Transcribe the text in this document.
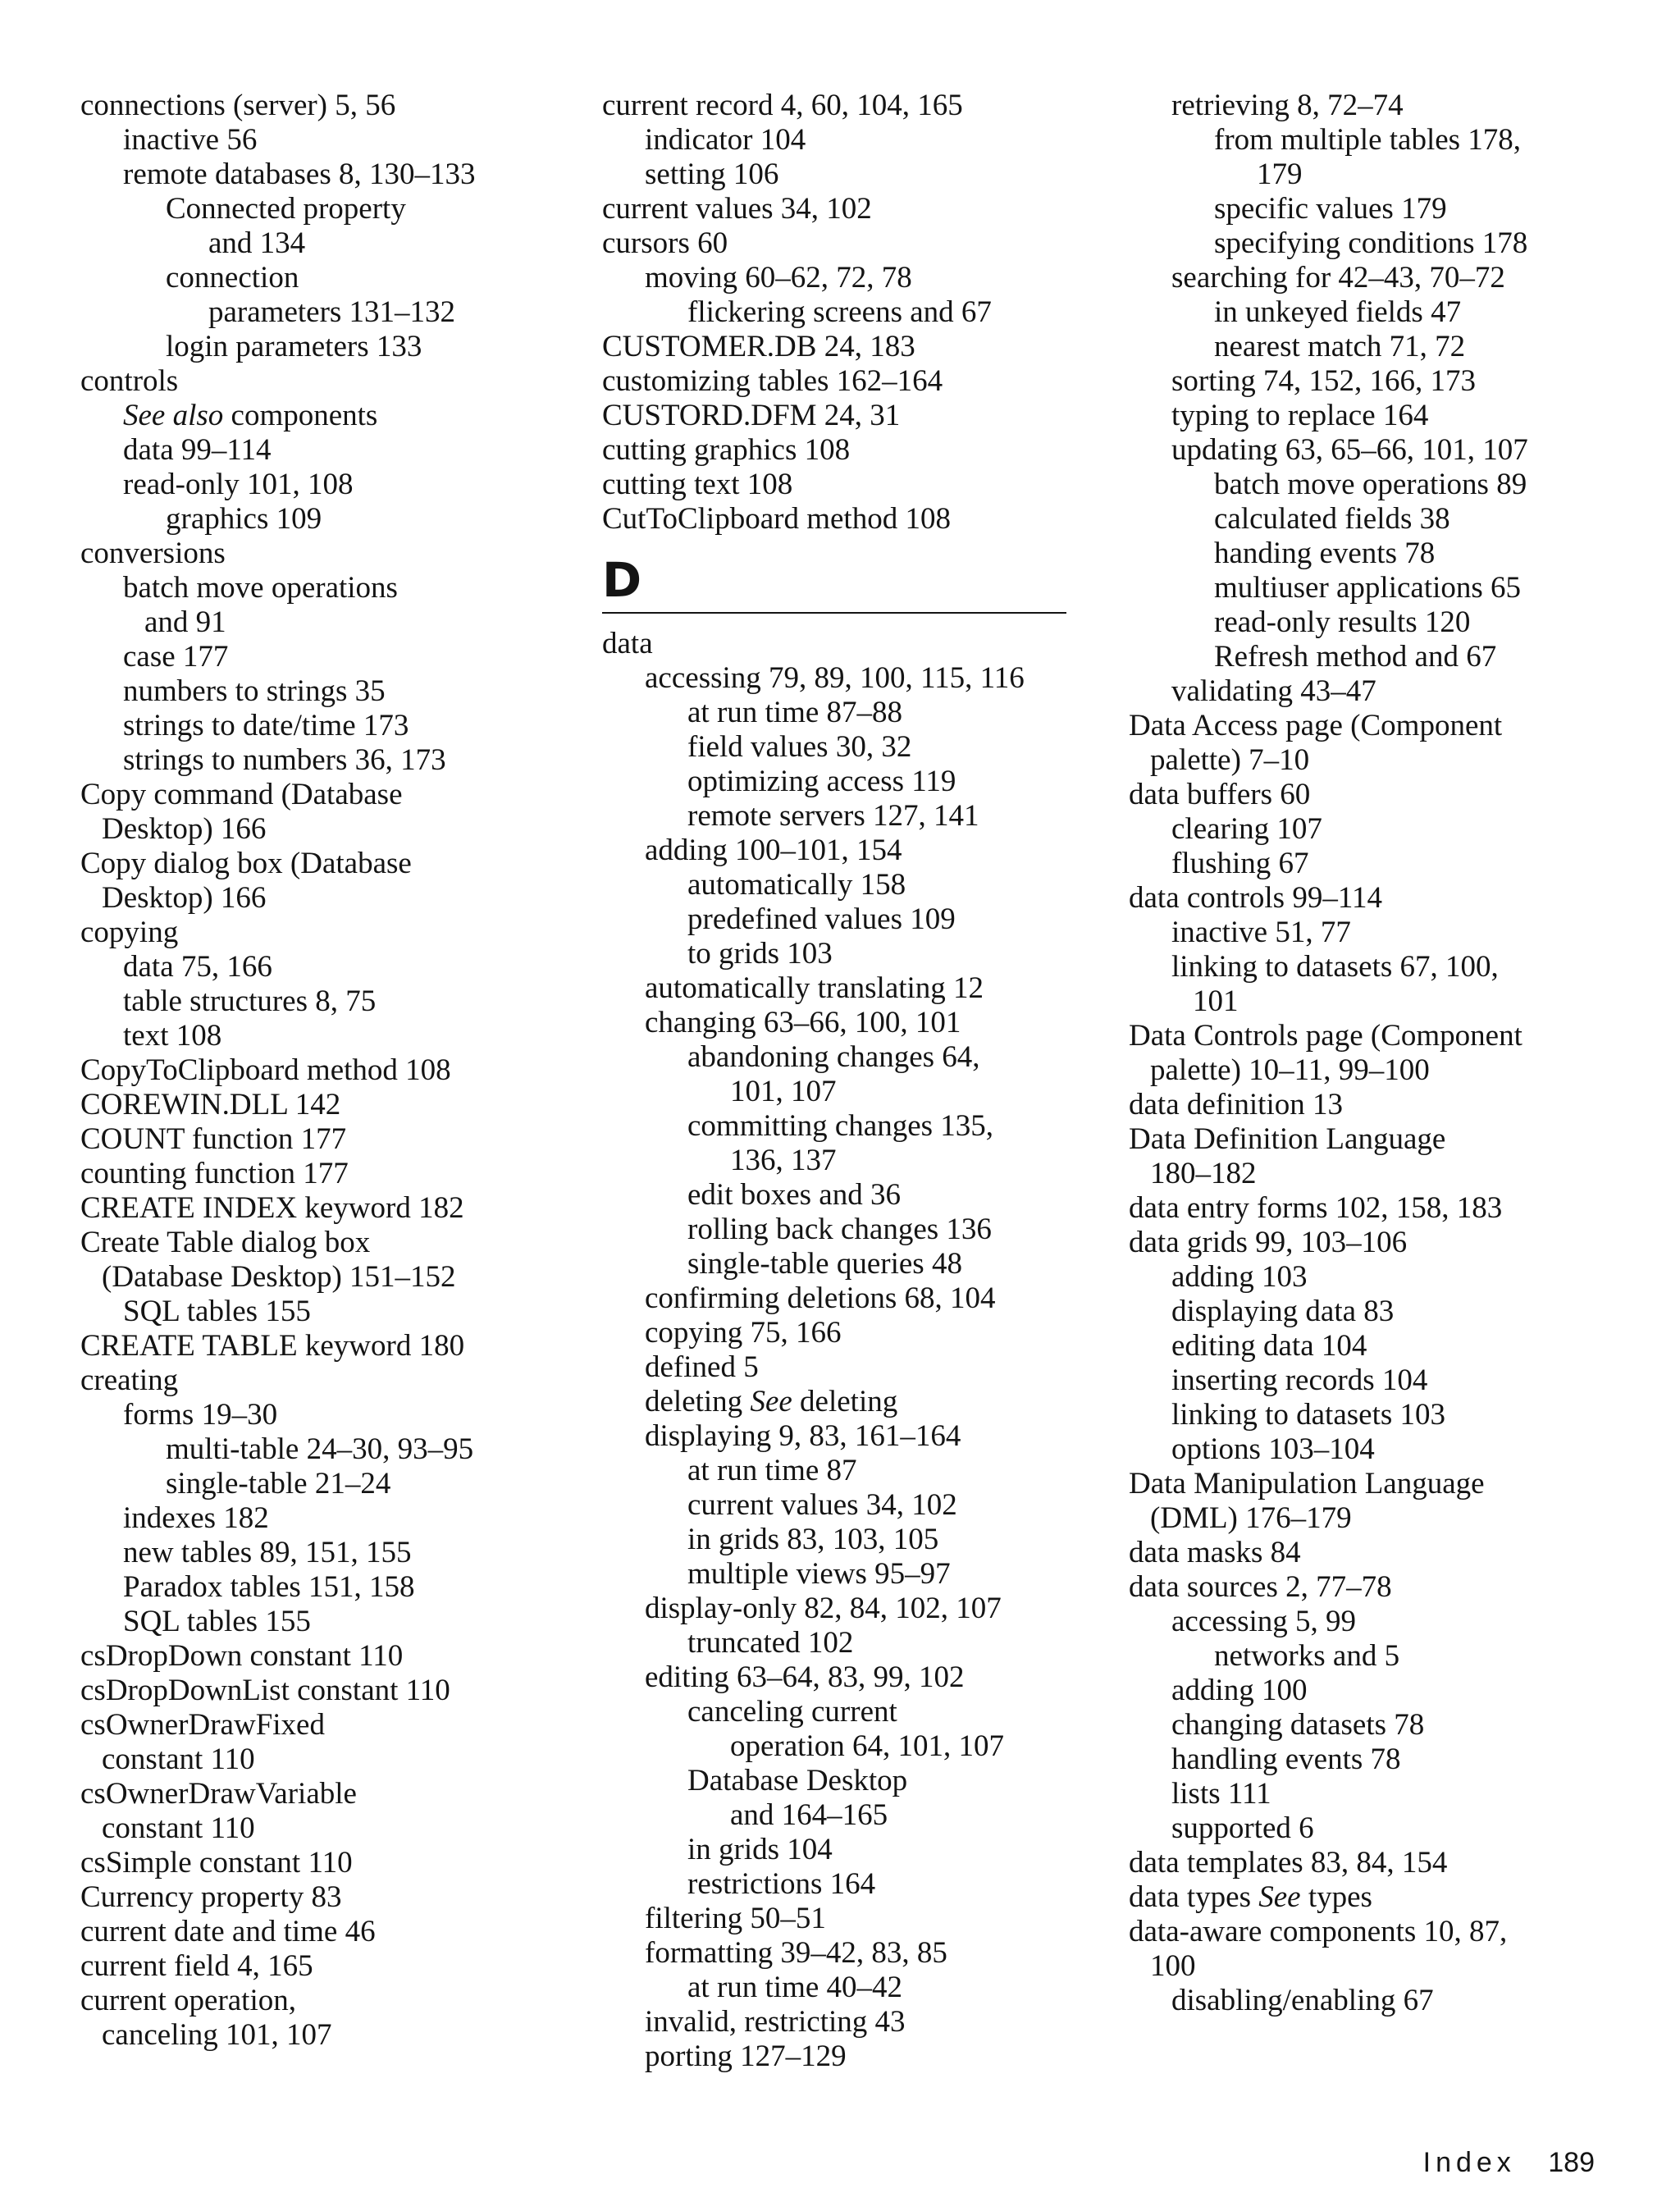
connections (server) 5, 56
inactive 56
remote databases 8, 130–133
Connected property
and 134
connection
parameters 131–132
login parameters 133
controls
See also components
data 99–114
read-only 101, 108
graphics 109
conversions
batch move operations
and 91
case 177
numbers to strings 35
strings to date/time 173
strings to numbers 36, 173
Copy command (Database
Desktop) 166
Copy dialog box (Database
Desktop) 166
copying
data 75, 166
table structures 8, 75
text 108
CopyToClipboard method 108
COREWIN.DLL 142
COUNT function 177
counting function 177
CREATE INDEX keyword 182
Create Table dialog box
(Database Desktop) 151–152
SQL tables 155
CREATE TABLE keyword 180
creating
forms 19–30
multi-table 24–30, 93–95
single-table 21–24
indexes 182
new tables 89, 151, 155
Paradox tables 151, 158
SQL tables 155
csDropDown constant 110
csDropDownList constant 110
csOwnerDrawFixed
constant 110
csOwnerDrawVariable
constant 110
csSimple constant 110
Currency property 83
current date and time 46
current field 4, 165
current operation,
canceling 101, 107
current record 4, 60, 104, 165
indicator 104
setting 106
current values 34, 102
cursors 60
moving 60–62, 72, 78
flickering screens and 67
CUSTOMER.DB 24, 183
customizing tables 162–164
CUSTORD.DFM 24, 31
cutting graphics 108
cutting text 108
CutToClipboard method 108
D
data
accessing 79, 89, 100, 115, 116
at run time 87–88
field values 30, 32
optimizing access 119
remote servers 127, 141
adding 100–101, 154
automatically 158
predefined values 109
to grids 103
automatically translating 12
changing 63–66, 100, 101
abandoning changes 64,
101, 107
committing changes 135,
136, 137
edit boxes and 36
rolling back changes 136
single-table queries 48
confirming deletions 68, 104
copying 75, 166
defined 5
deleting See deleting
displaying 9, 83, 161–164
at run time 87
current values 34, 102
in grids 83, 103, 105
multiple views 95–97
display-only 82, 84, 102, 107
truncated 102
editing 63–64, 83, 99, 102
canceling current
operation 64, 101, 107
Database Desktop
and 164–165
in grids 104
restrictions 164
filtering 50–51
formatting 39–42, 83, 85
at run time 40–42
invalid, restricting 43
porting 127–129
retrieving 8, 72–74
from multiple tables 178,
179
specific values 179
specifying conditions 178
searching for 42–43, 70–72
in unkeyed fields 47
nearest match 71, 72
sorting 74, 152, 166, 173
typing to replace 164
updating 63, 65–66, 101, 107
batch move operations 89
calculated fields 38
handing events 78
multiuser applications 65
read-only results 120
Refresh method and 67
validating 43–47
Data Access page (Component
palette) 7–10
data buffers 60
clearing 107
flushing 67
data controls 99–114
inactive 51, 77
linking to datasets 67, 100,
101
Data Controls page (Component
palette) 10–11, 99–100
data definition 13
Data Definition Language
180–182
data entry forms 102, 158, 183
data grids 99, 103–106
adding 103
displaying data 83
editing data 104
inserting records 104
linking to datasets 103
options 103–104
Data Manipulation Language
(DML) 176–179
data masks 84
data sources 2, 77–78
accessing 5, 99
networks and 5
adding 100
changing datasets 78
handling events 78
lists 111
supported 6
data templates 83, 84, 154
data types See types
data-aware components 10, 87,
100
disabling/enabling 67
Index 189
